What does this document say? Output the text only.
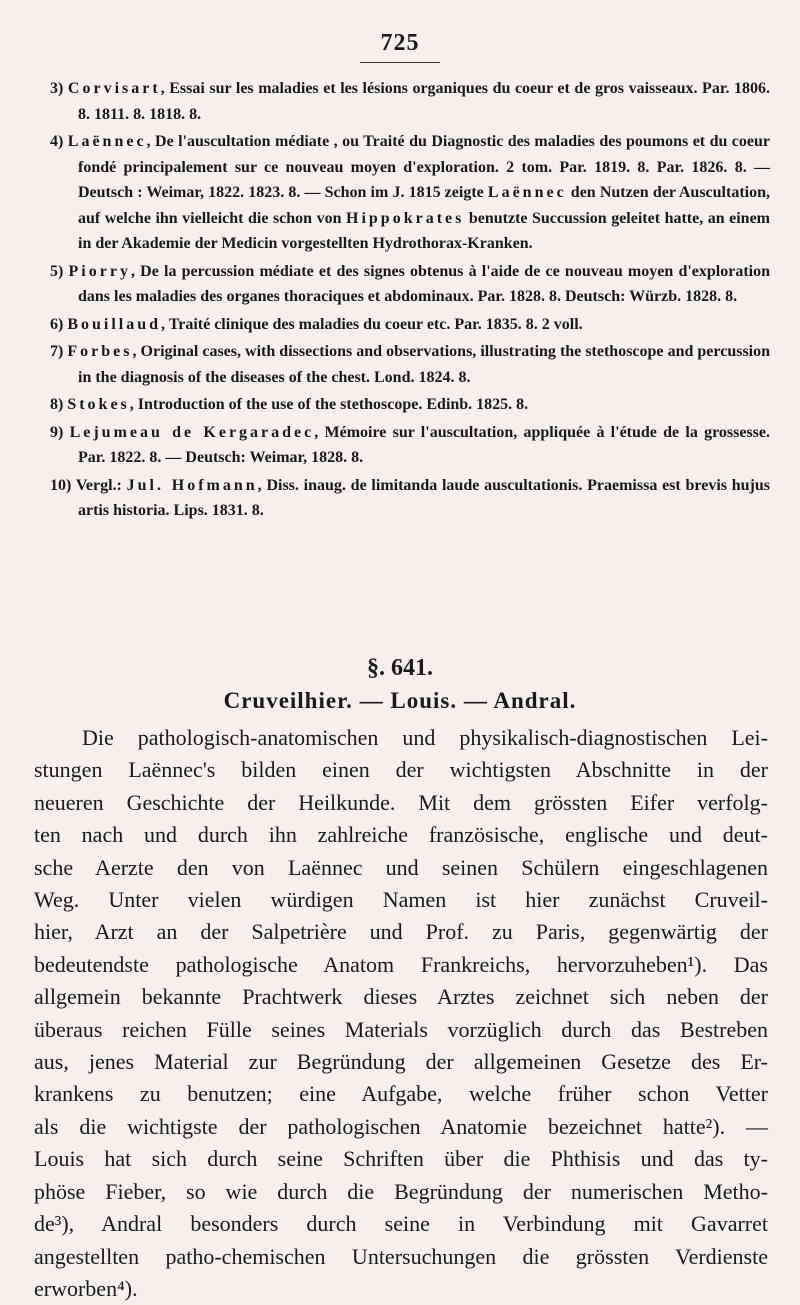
725

3) Corvisart, Essai sur les maladies et les lésions organiques du coeur et de gros vaisseaux. Par. 1806. 8. 1811. 8. 1818. 8.

4) Laënnec, De l'auscultation médiate , ou Traité du Diagnostic des maladies des poumons et du coeur fondé principalement sur ce nouveau moyen d'exploration. 2 tom. Par. 1819. 8. Par. 1826. 8. — Deutsch : Weimar, 1822. 1823. 8. — Schon im J. 1815 zeigte Laënnec den Nutzen der Auscultation, auf welche ihn vielleicht die schon von Hippokrates benutzte Succussion geleitet hatte, an einem in der Akademie der Medicin vorgestellten Hydrothorax-Kranken.

5) Piorry, De la percussion médiate et des signes obtenus à l'aide de ce nouveau moyen d'exploration dans les maladies des organes thoraciques et abdominaux. Par. 1828. 8. Deutsch: Würzb. 1828. 8.

6) Bouillaud, Traité clinique des maladies du coeur etc. Par. 1835. 8. 2 voll.

7) Forbes, Original cases, with dissections and observations, illustrating the stethoscope and percussion in the diagnosis of the diseases of the chest. Lond. 1824. 8.

8) Stokes, Introduction of the use of the stethoscope. Edinb. 1825. 8.

9) Lejumeau de Kergaradec, Mémoire sur l'auscultation, appliquée à l'étude de la grossesse. Par. 1822. 8. — Deutsch: Weimar, 1828. 8.

10) Vergl.: Jul. Hofmann, Diss. inaug. de limitanda laude auscultationis. Praemissa est brevis hujus artis historia. Lips. 1831. 8.

§. 641.
Cruveilhier. — Louis. — Andral.
Die pathologisch-anatomischen und physikalisch-diagnostischen Lei-
stungen Laënnec's bilden einen der wichtigsten Abschnitte in der
neueren Geschichte der Heilkunde. Mit dem grössten Eifer verfolg-
ten nach und durch ihn zahlreiche französische, englische und deut-
sche Aerzte den von Laënnec und seinen Schülern eingeschlagenen
Weg. Unter vielen würdigen Namen ist hier zunächst Cruveil-
hier, Arzt an der Salpetrière und Prof. zu Paris, gegenwärtig der
bedeutendste pathologische Anatom Frankreichs, hervorzuheben¹). Das
allgemein bekannte Prachtwerk dieses Arztes zeichnet sich neben der
überaus reichen Fülle seines Materials vorzüglich durch das Bestreben
aus, jenes Material zur Begründung der allgemeinen Gesetze des Er-
krankens zu benutzen; eine Aufgabe, welche früher schon Vetter
als die wichtigste der pathologischen Anatomie bezeichnet hatte²). —
Louis hat sich durch seine Schriften über die Phthisis und das ty-
phöse Fieber, so wie durch die Begründung der numerischen Metho-
de³), Andral besonders durch seine in Verbindung mit Gavarret
angestellten patho-chemischen Untersuchungen die grössten Verdienste
erworben⁴).
